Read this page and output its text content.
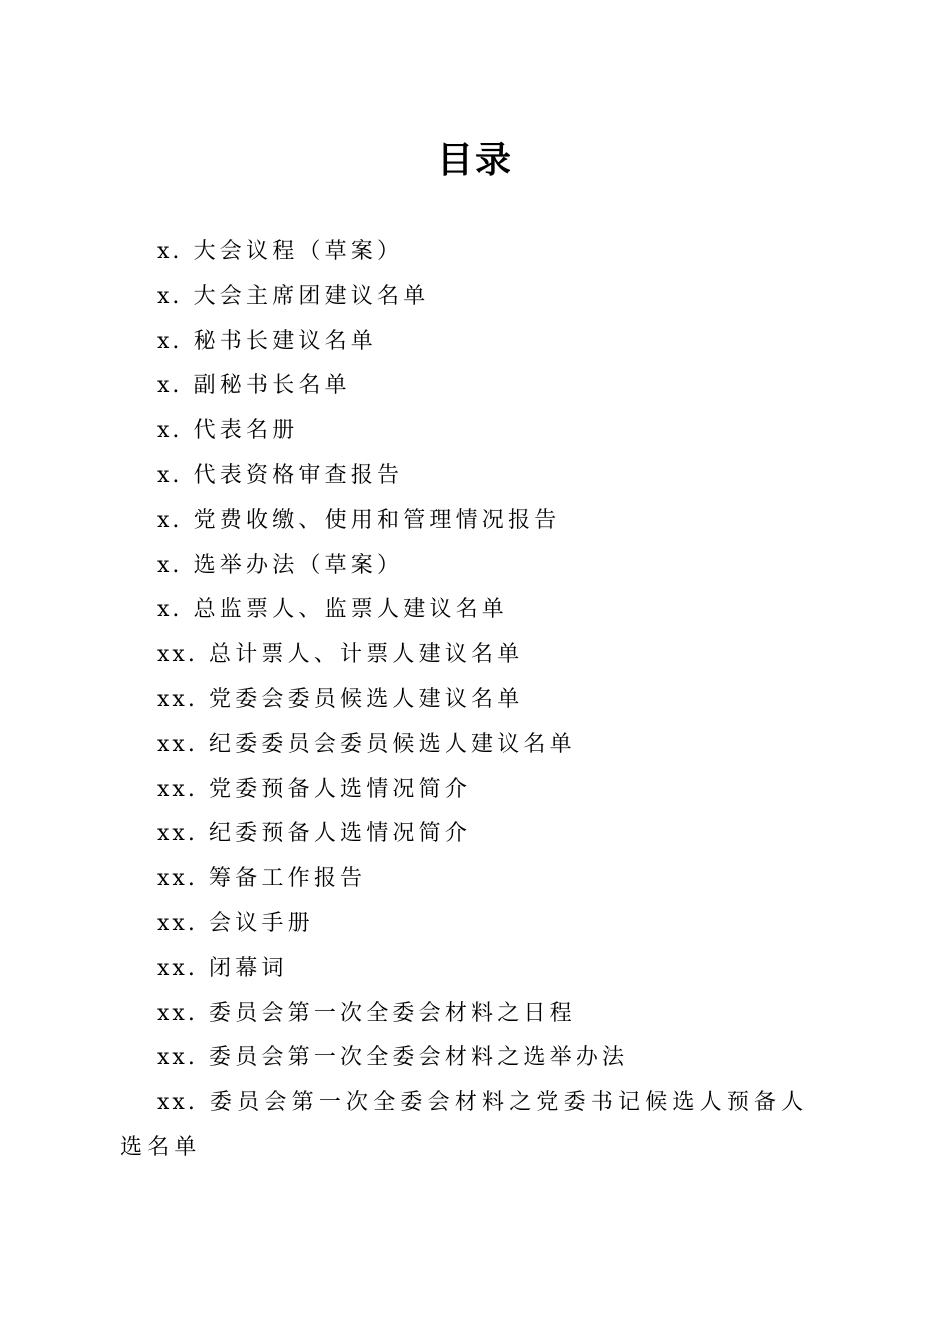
目录
x. 大会议程（草案）
x. 大会主席团建议名单
x. 秘书长建议名单
x. 副秘书长名单
x. 代表名册
x. 代表资格审查报告
x. 党费收缴、使用和管理情况报告
x. 选举办法（草案）
x. 总监票人、监票人建议名单
xx. 总计票人、计票人建议名单
xx. 党委会委员候选人建议名单
xx. 纪委委员会委员候选人建议名单
xx. 党委预备人选情况简介
xx. 纪委预备人选情况简介
xx. 筹备工作报告
xx. 会议手册
xx. 闭幕词
xx. 委员会第一次全委会材料之日程
xx. 委员会第一次全委会材料之选举办法
xx. 委员会第一次全委会材料之党委书记候选人预备人选名单
